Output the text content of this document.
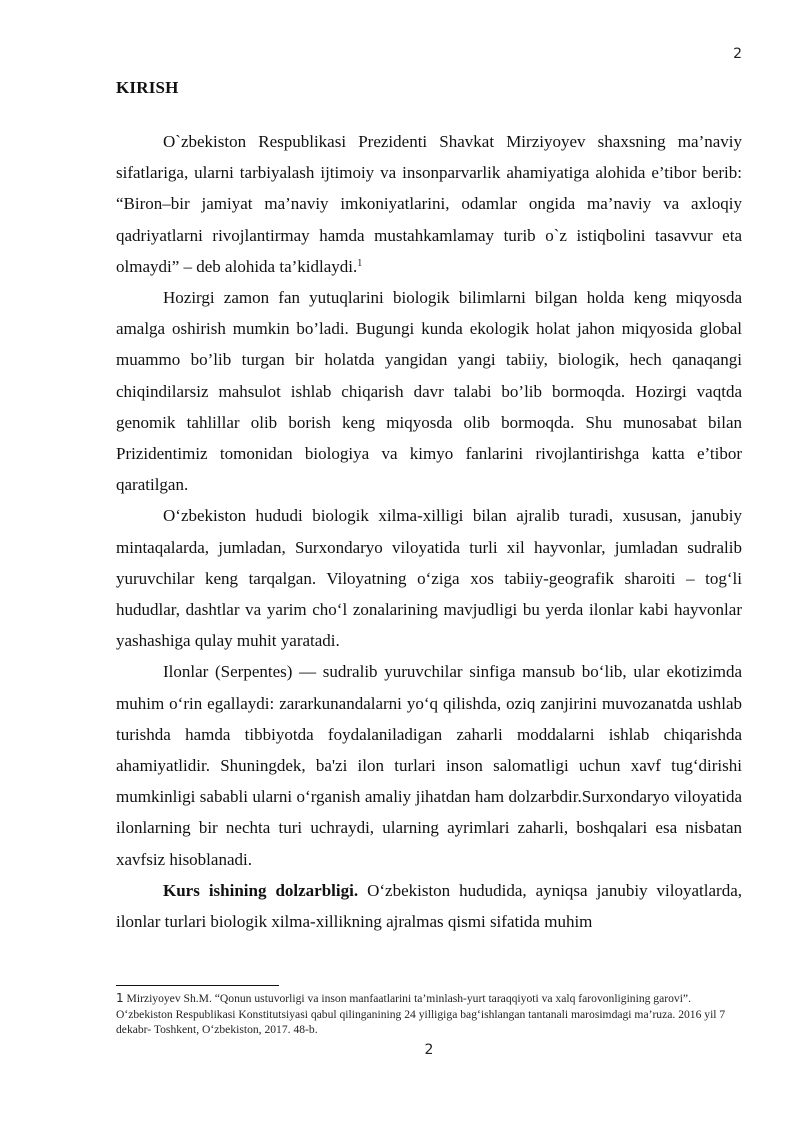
2
KIRISH

O`zbekiston Respublikasi Prezidenti Shavkat Mirziyoyev shaxsning ma’naviy sifatlariga, ularni tarbiyalash ijtimoiy va insonparvarlik ahamiyatiga alohida e’tibor berib: “Biron–bir jamiyat ma’naviy imkoniyatlarini, odamlar ongida ma’naviy va axloqiy qadriyatlarni rivojlantirmay hamda mustahkamlamay turib o`z istiqbolini tasavvur eta olmaydi” – deb alohida ta’kidlaydi.$^1$

Hozirgi zamon fan yutuqlarini biologik bilimlarni bilgan holda keng miqyosda amalga oshirish mumkin bo’ladi. Bugungi kunda ekologik holat jahon miqyosida global muammo bo’lib turgan bir holatda yangidan yangi tabiiy, biologik, hech qanaqangi chiqindilarsiz mahsulot ishlab chiqarish davr talabi bo’lib bormoqda. Hozirgi vaqtda genomik tahlillar olib borish keng miqyosda olib bormoqda. Shu munosabat bilan Prizidentimiz tomonidan biologiya va kimyo fanlarini rivojlantirishga katta e’tibor qaratilgan.

O‘zbekiston hududi biologik xilma-xilligi bilan ajralib turadi, xususan, janubiy mintaqalarda, jumladan, Surxondaryo viloyatida turli xil hayvonlar, jumladan sudralib yuruvchilar keng tarqalgan. Viloyatning o‘ziga xos tabiiy-geografik sharoiti – tog‘li hududlar, dashtlar va yarim cho‘l zonalarining mavjudligi bu yerda ilonlar kabi hayvonlar yashashiga qulay muhit yaratadi.

Ilonlar (Serpentes) — sudralib yuruvchilar sinfiga mansub bo‘lib, ular ekotizimda muhim o‘rin egallaydi: zararkunandalarni yo‘q qilishda, oziq zanjirini muvozanatda ushlab turishda hamda tibbiyotda foydalaniladigan zaharli moddalarni ishlab chiqarishda ahamiyatlidir. Shuningdek, ba'zi ilon turlari inson salomatligi uchun xavf tug‘dirishi mumkinligi sababli ularni o‘rganish amaliy jihatdan ham dolzarbdir.Surxondaryo viloyatida ilonlarning bir nechta turi uchraydi, ularning ayrimlari zaharli, boshqalari esa nisbatan xavfsiz hisoblanadi.

Kurs ishining dolzarbligi. O‘zbekiston hududida, ayniqsa janubiy viloyatlarda, ilonlar turlari biologik xilma-xillikning ajralmas qismi sifatida muhim

1 Mirziyoyev Sh.M. “Qonun ustuvorligi va inson manfaatlarini ta’minlash-yurt taraqqiyoti va xalq farovonligining garovi”. O‘zbekiston Respublikasi Konstitutsiyasi qabul qilinganining 24 yilligiga bag‘ishlangan tantanali marosimdagi ma’ruza. 2016 yil 7 dekabr- Toshkent, O‘zbekiston, 2017. 48-b.
2
